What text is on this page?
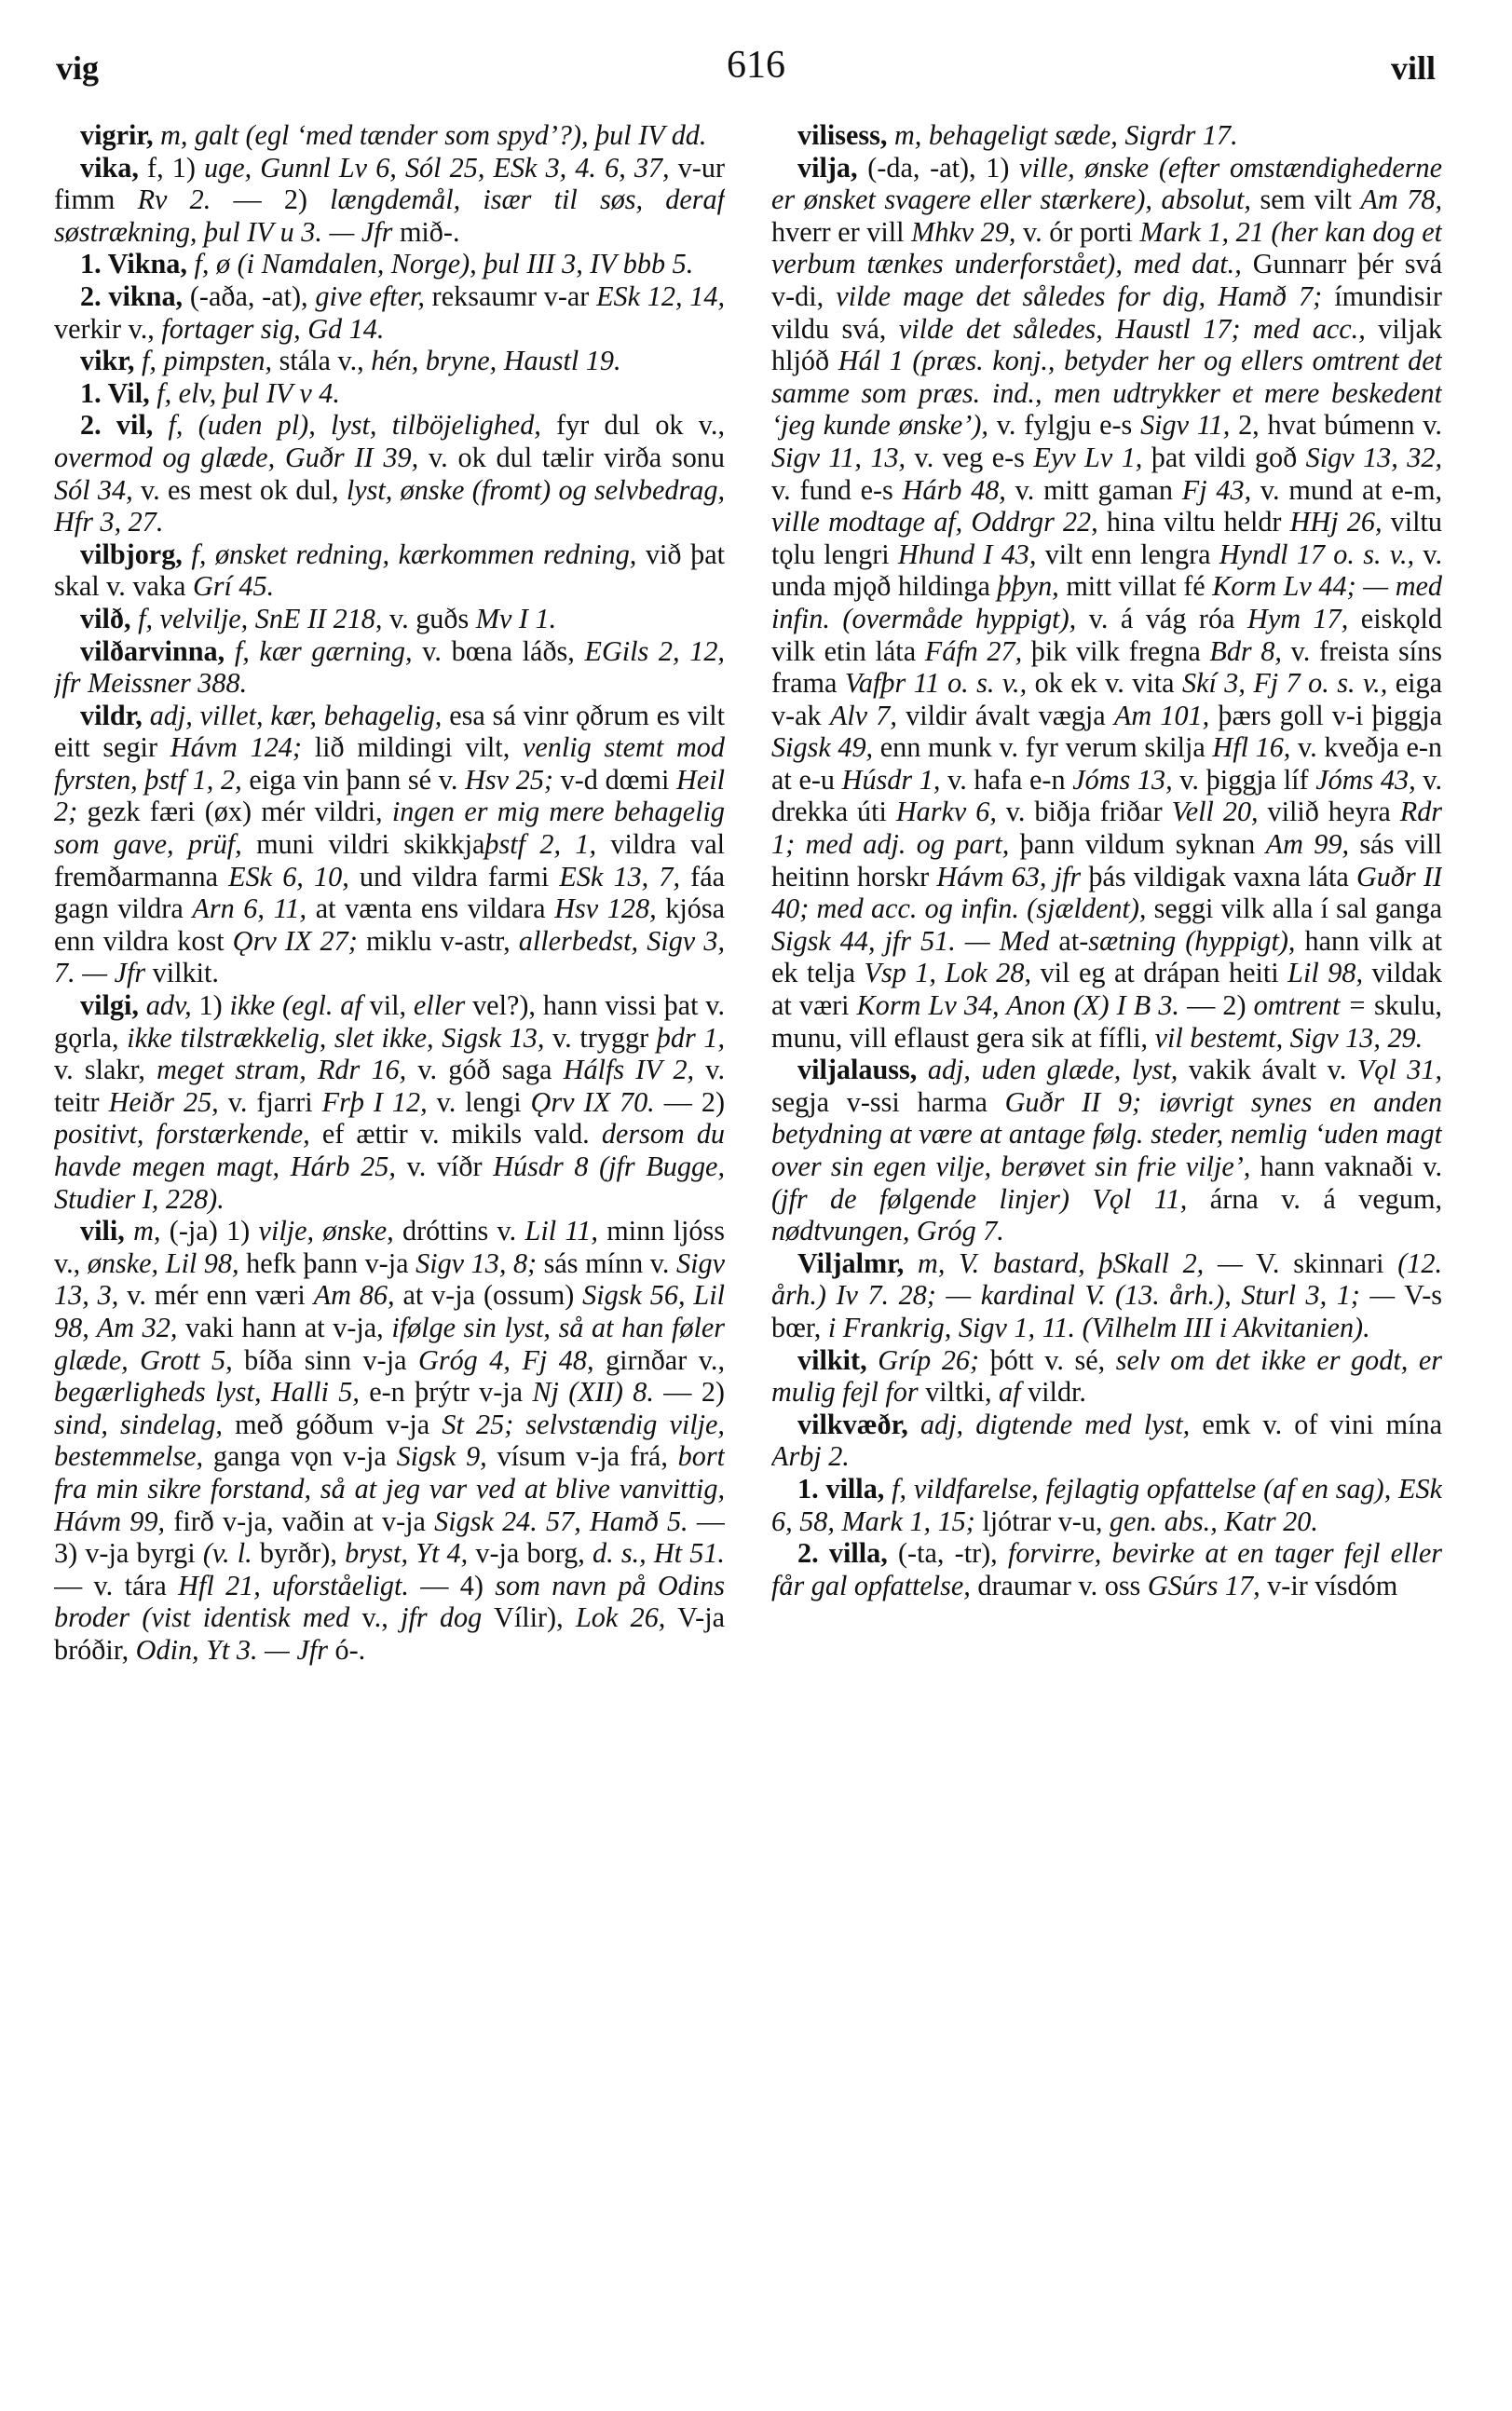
vig	616	vill

vigrir, m, galt (egl ‘med tænder som spyd’?), þul IV dd.

vika, f, 1) uge, Gunnl Lv 6, Sól 25, ESk 3, 4. 6, 37, v-ur fimm Rv 2. — 2) længdemål, især til søs, deraf søstrækning, þul IV u 3. — Jfr mið-.

1. Vikna, f, ø (i Namdalen, Norge), þul III 3, IV bbb 5.

2. vikna, (-aða, -at), give efter, reksaumr v-ar ESk 12, 14, verkir v., fortager sig, Gd 14.

vikr, f, pimpsten, stála v., hén, bryne, Haustl 19.

1. Vil, f, elv, þul IV v 4.

2. vil, f, (uden pl), lyst, tilböjelighed, fyr dul ok v., overmod og glæde, Guðr II 39, v. ok dul tælir virða sonu Sól 34, v. es mest ok dul, lyst, ønske (fromt) og selvbedrag, Hfr 3, 27.

vilbjorg, f, ønsket redning, kærkommen redning, við þat skal v. vaka Grí 45.

vilð, f, velvilje, SnE II 218, v. guðs Mv I 1.

vilðarvinna, f, kær gærning, v. bœna láðs, EGils 2, 12, jfr Meissner 388.

vildr, adj, villet, kær, behagelig, esa sá vinr ǫðrum es vilt eitt segir Hávm 124; lið mildingi vilt, venlig stemt mod fyrsten, þstf 1, 2, eiga vin þann sé v. Hsv 25; v-d dœmi Heil 2; gezk færi (øx) mér vildri, ingen er mig mere behagelig som gave, prüf, muni vildri skikkjaþstf 2, 1, vildra val fremðarmanna ESk 6, 10, und vildra farmi ESk 13, 7, fáa gagn vildra Arn 6, 11, at vænta ens vildara Hsv 128, kjósa enn vildra kost Ǫrv IX 27; miklu v-astr, allerbedst, Sigv 3, 7. — Jfr vilkit.

vilgi, adv, 1) ikke (egl. af vil, eller vel?), hann vissi þat v. gǫrla, ikke tilstrækkelig, slet ikke, Sigsk 13, v. tryggr þdr 1, v. slakr, meget stram, Rdr 16, v. góð saga Hálfs IV 2, v. teitr Heiðr 25, v. fjarri Frþ I 12, v. lengi Ǫrv IX 70. — 2) positivt, forstærkende, ef ættir v. mikils vald. dersom du havde megen magt, Hárb 25, v. víðr Húsdr 8 (jfr Bugge, Studier I, 228).

vili, m, (-ja) 1) vilje, ønske, dróttins v. Lil 11, minn ljóss v., ønske, Lil 98, hefk þann v-ja Sigv 13, 8; sás mínn v. Sigv 13, 3, v. mér enn væri Am 86, at v-ja (ossum) Sigsk 56, Lil 98, Am 32, vaki hann at v-ja, ifølge sin lyst, så at han føler glæde, Grott 5, bíða sinn v-ja Gróg 4, Fj 48, girnðar v., begærligheds lyst, Halli 5, e-n þrýtr v-ja Nj (XII) 8. — 2) sind, sindelag, með góðum v-ja St 25; selvstændig vilje, bestemmelse, ganga vǫn v-ja Sigsk 9, vísum v-ja frá, bort fra min sikre forstand, så at jeg var ved at blive vanvittig, Hávm 99, firð v-ja, vaðin at v-ja Sigsk 24. 57, Hamð 5. — 3) v-ja byrgi (v. l. byrðr), bryst, Yt 4, v-ja borg, d. s., Ht 51. — v. tára Hfl 21, uforståeligt. — 4) som navn på Odins broder (vist identisk med v., jfr dog Vílir), Lok 26, V-ja bróðir, Odin, Yt 3. — Jfr ó-.

vilisess, m, behageligt sæde, Sigrdr 17.

vilja, (-da, -at), 1) ville, ønske (efter omstændighederne er ønsket svagere eller stærkere), absolut, sem vilt Am 78, hverr er vill Mhkv 29, v. ór porti Mark 1, 21 (her kan dog et verbum tænkes underforstået), med dat., Gunnarr þér svá v-di, vilde mage det således for dig, Hamð 7; ímundisir vildu svá, vilde det således, Haustl 17; med acc., viljak hljóð Hál 1 (præs. konj., betyder her og ellers omtrent det samme som præs. ind., men udtrykker et mere beskedent ‘jeg kunde ønske’), v. fylgju e-s Sigv 11, 2, hvat búmenn v. Sigv 11, 13, v. veg e-s Eyv Lv 1, þat vildi goð Sigv 13, 32, v. fund e-s Hárb 48, v. mitt gaman Fj 43, v. mund at e-m, ville modtage af, Oddrgr 22, hina viltu heldr HHj 26, viltu tǫlu lengri Hhund I 43, vilt enn lengra Hyndl 17 o. s. v., v. unda mjǫð hildinga þþyn, mitt villat fé Korm Lv 44; — med infin. (overmåde hyppigt), v. á vág róa Hym 17, eiskǫld vilk etin láta Fáfn 27, þik vilk fregna Bdr 8, v. freista síns frama Vafþr 11 o. s. v., ok ek v. vita Skí 3, Fj 7 o. s. v., eiga v-ak Alv 7, vildir ávalt vægja Am 101, þærs goll v-i þiggja Sigsk 49, enn munk v. fyr verum skilja Hfl 16, v. kveðja e-n at e-u Húsdr 1, v. hafa e-n Jóms 13, v. þiggja líf Jóms 43, v. drekka úti Harkv 6, v. biðja friðar Vell 20, vilið heyra Rdr 1; med adj. og part, þann vildum syknan Am 99, sás vill heitinn horskr Hávm 63, jfr þás vildigak vaxna láta Guðr II 40; med acc. og infin. (sjældent), seggi vilk alla í sal ganga Sigsk 44, jfr 51. — Med at-sætning (hyppigt), hann vilk at ek telja Vsp 1, Lok 28, vil eg at drápan heiti Lil 98, vildak at væri Korm Lv 34, Anon (X) I B 3. — 2) omtrent = skulu, munu, vill eflaust gera sik at fífli, vil bestemt, Sigv 13, 29.

viljalauss, adj, uden glæde, lyst, vakik ávalt v. Vǫl 31, segja v-ssi harma Guðr II 9; iøvrigt synes en anden betydning at være at antage følg. steder, nemlig ‘uden magt over sin egen vilje, berøvet sin frie vilje’, hann vaknaði v. (jfr de følgende linjer) Vǫl 11, árna v. á vegum, nødtvungen, Gróg 7.

Viljalmr, m, V. bastard, þSkall 2, — V. skinnari (12. årh.) Iv 7. 28; — kardinal V. (13. årh.), Sturl 3, 1; — V-s bœr, i Frankrig, Sigv 1, 11. (Vilhelm III i Akvitanien).

vilkit, Gríp 26; þótt v. sé, selv om det ikke er godt, er mulig fejl for viltki, af vildr.

vilkvæðr, adj, digtende med lyst, emk v. of vini mína Arbj 2.

1. villa, f, vildfarelse, fejlagtig opfattelse (af en sag), ESk 6, 58, Mark 1, 15; ljótrar v-u, gen. abs., Katr 20.

2. villa, (-ta, -tr), forvirre, bevirke at en tager fejl eller får gal opfattelse, draumar v. oss GSúrs 17, v-ir vísdóm
